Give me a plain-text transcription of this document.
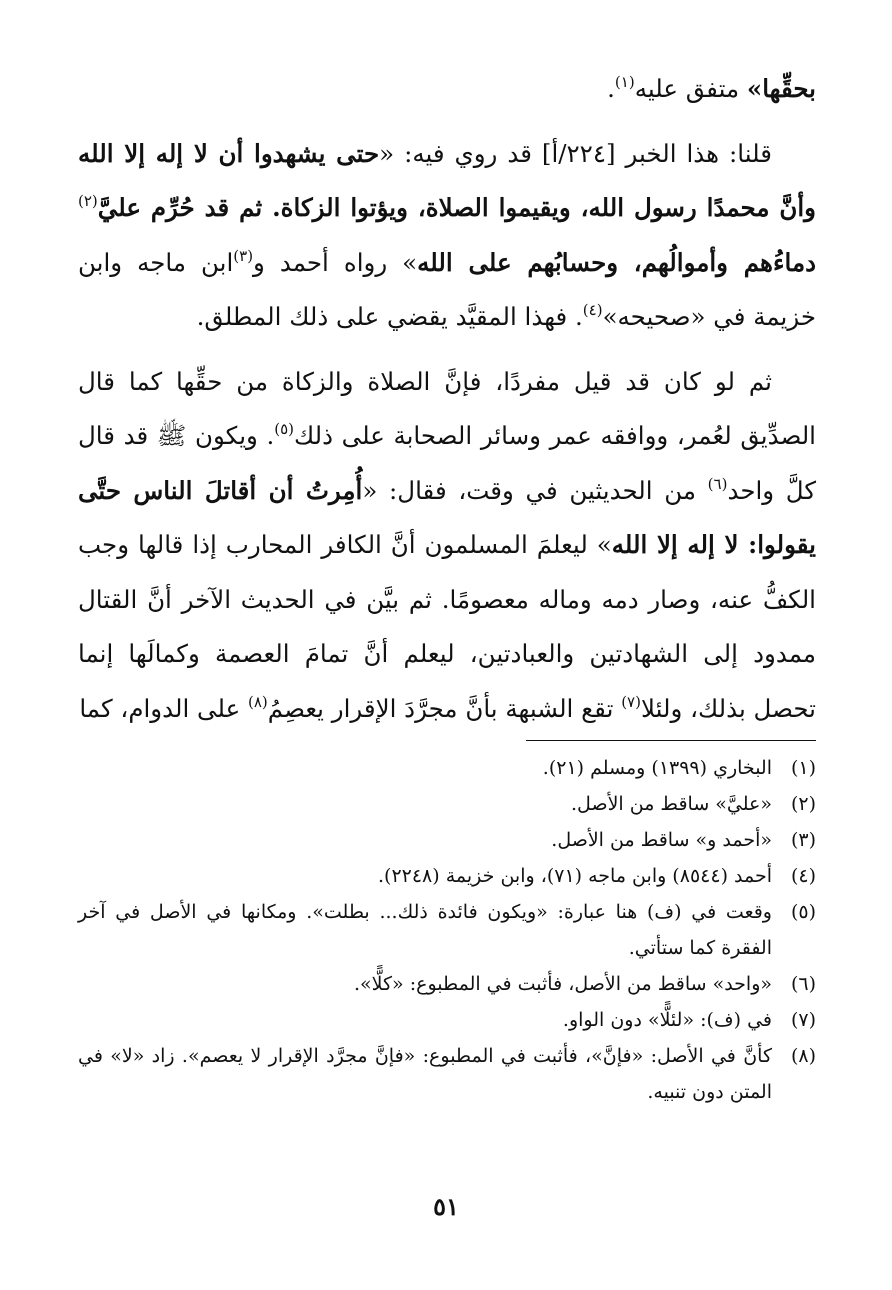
بحقِّها» متفق عليه$^{(١)}$.

قلنا: هذا الخبر [٢٢٤/أ] قد روي فيه: «حتى يشهدوا أن لا إله إلا الله وأنَّ محمدًا رسول الله، ويقيموا الصلاة، ويؤتوا الزكاة. ثم قد حُرِّم عليَّ$^{(٢)}$ دماءُهم وأموالُهم، وحسابُهم على الله» رواه أحمد و$^{(٣)}$ابن ماجه وابن خزيمة في «صحيحه»$^{(٤)}$. فهذا المقيَّد يقضي على ذلك المطلق.

ثم لو كان قد قيل مفردًا، فإنَّ الصلاة والزكاة من حقِّها كما قال الصدِّيق لعُمر، ووافقه عمر وسائر الصحابة على ذلك$^{(٥)}$. ويكون ﷺ قد قال كلَّ واحد$^{(٦)}$ من الحديثين في وقت، فقال: «أُمِرتُ أن أقاتلَ الناس حتَّى يقولوا: لا إله إلا الله» ليعلمَ المسلمون أنَّ الكافر المحارب إذا قالها وجب الكفُّ عنه، وصار دمه وماله معصومًا. ثم بيَّن في الحديث الآخر أنَّ القتال ممدود إلى الشهادتين والعبادتين، ليعلم أنَّ تمامَ العصمة وكمالَها إنما تحصل بذلك، ولئلا$^{(٧)}$ تقع الشبهة بأنَّ مجرَّدَ الإقرار يعصِمُ$^{(٨)}$ على الدوام، كما

(١)
البخاري (١٣٩٩) ومسلم (٢١).
(٢)
«عليَّ» ساقط من الأصل.
(٣)
«أحمد و» ساقط من الأصل.
(٤)
أحمد (٨٥٤٤) وابن ماجه (٧١)، وابن خزيمة (٢٢٤٨).
(٥)
وقعت في (ف) هنا عبارة: «ويكون فائدة ذلك... بطلت». ومكانها في الأصل في آخر الفقرة كما ستأتي.
(٦)
«واحد» ساقط من الأصل، فأثبت في المطبوع: «كلًّا».
(٧)
في (ف): «لئلًّا» دون الواو.
(٨)
كأنَّ في الأصل: «فإنَّ»، فأثبت في المطبوع: «فإنَّ مجرَّد الإقرار لا يعصم». زاد «لا» في المتن دون تنبيه.
٥١
